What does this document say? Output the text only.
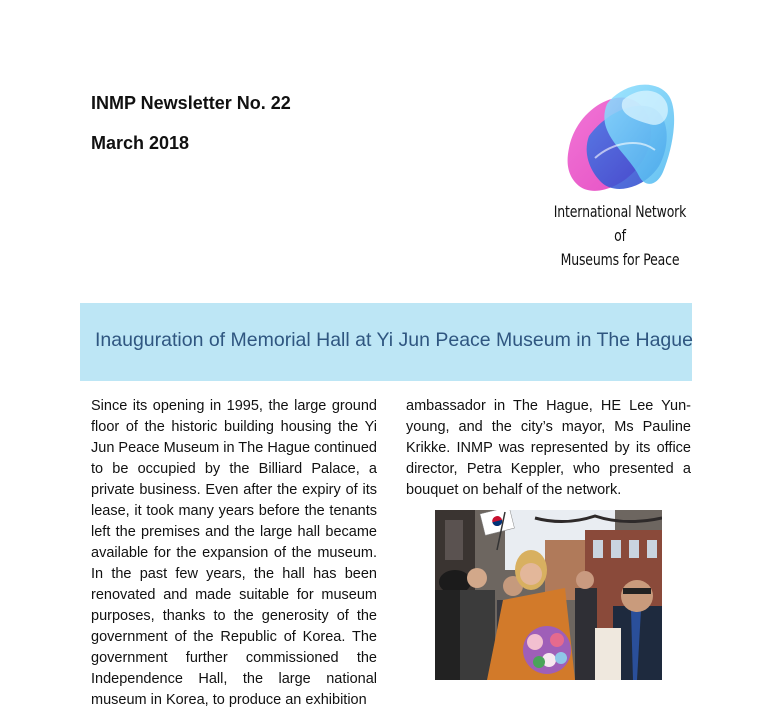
INMP Newsletter No. 22
March 2018
International Network of
Museums for Peace
Inauguration of Memorial Hall at Yi Jun Peace Museum in The Hague

Since its opening in 1995, the large ground floor of the historic building housing the Yi Jun Peace Museum in The Hague continued to be occupied by the Billiard Palace, a private business. Even after the expiry of its lease, it took many years before the tenants left the premises and the large hall became available for the expansion of the museum. In the past few years, the hall has been renovated and made suitable for museum purposes, thanks to the generosity of the government of the Republic of Korea. The government further commissioned the Independence Hall, the large national museum in Korea, to produce an exhibition

ambassador in The Hague, HE Lee Yun-young, and the city’s mayor, Ms Pauline Krikke. INMP was represented by its office director, Petra Keppler, who presented a bouquet on behalf of the network.
